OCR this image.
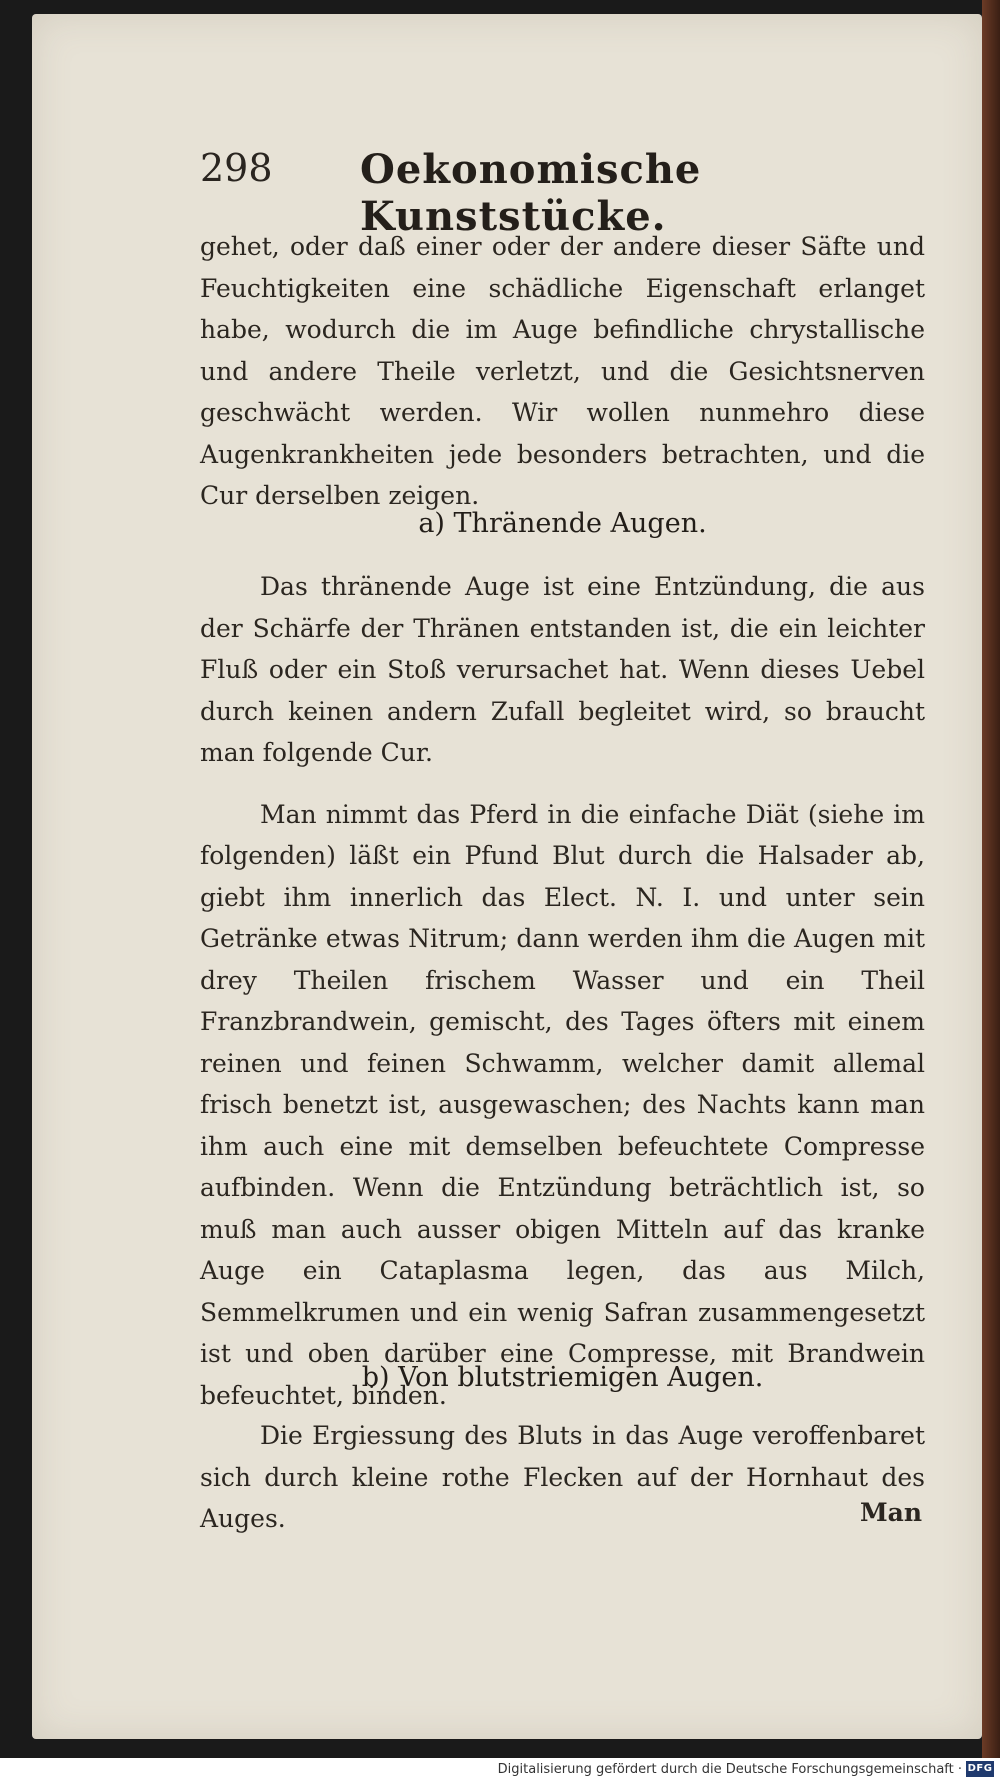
298 Oekonomische Kunststücke.

gehet, oder daß einer oder der andere dieser Säfte und Feuchtigkeiten eine schädliche Eigenschaft erlanget habe, wodurch die im Auge befindliche chrystallische und andere Theile verletzt, und die Gesichtsnerven geschwächt werden. Wir wollen nunmehro diese Augenkrankheiten jede besonders betrachten, und die Cur derselben zeigen.

a) Thränende Augen.

Das thränende Auge ist eine Entzündung, die aus der Schärfe der Thränen entstanden ist, die ein leichter Fluß oder ein Stoß verursachet hat. Wenn dieses Uebel durch keinen andern Zufall begleitet wird, so braucht man folgende Cur.

Man nimmt das Pferd in die einfache Diät (siehe im folgenden) läßt ein Pfund Blut durch die Halsader ab, giebt ihm innerlich das Elect. N. I. und unter sein Getränke etwas Nitrum; dann werden ihm die Augen mit drey Theilen frischem Wasser und ein Theil Franzbrandwein, gemischt, des Tages öfters mit einem reinen und feinen Schwamm, welcher damit allemal frisch benetzt ist, ausgewaschen; des Nachts kann man ihm auch eine mit demselben befeuchtete Compresse aufbinden. Wenn die Entzündung beträchtlich ist, so muß man auch ausser obigen Mitteln auf das kranke Auge ein Cataplasma legen, das aus Milch, Semmelkrumen und ein wenig Safran zusammengesetzt ist und oben darüber eine Compresse, mit Brandwein befeuchtet, binden.

b) Von blutstriemigen Augen.

Die Ergiessung des Bluts in das Auge veroffenbaret sich durch kleine rothe Flecken auf der Hornhaut des Auges.	Man
Digitalisierung gefördert durch die Deutsche Forschungsgemeinschaft · DFG
